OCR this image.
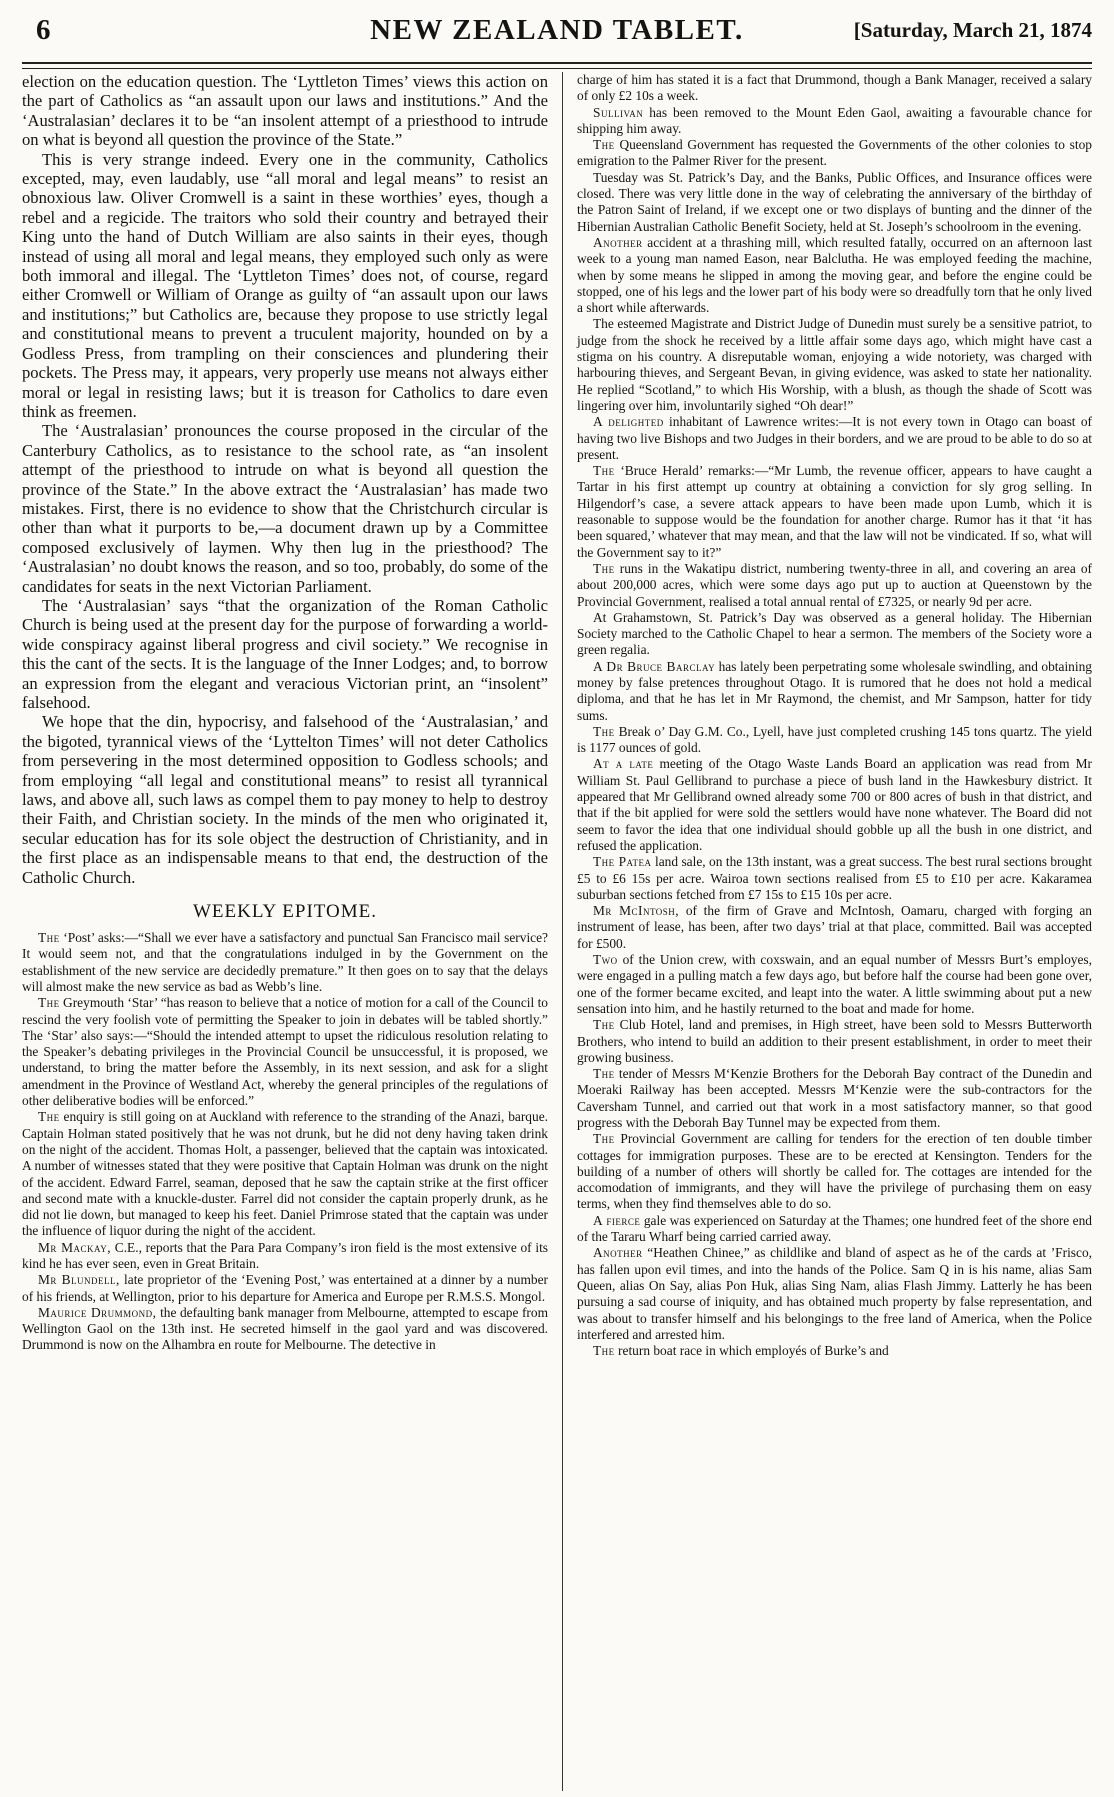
6	NEW ZEALAND TABLET.	[Saturday, March 21, 1874

election on the education question. The ‘Lyttleton Times’ views this action on the part of Catholics as “an assault upon our laws and institutions.” And the ‘Australasian’ declares it to be “an insolent attempt of a priesthood to intrude on what is beyond all question the province of the State.”

This is very strange indeed. Every one in the community, Catholics excepted, may, even laudably, use “all moral and legal means” to resist an obnoxious law. Oliver Cromwell is a saint in these worthies’ eyes, though a rebel and a regicide. The traitors who sold their country and betrayed their King unto the hand of Dutch William are also saints in their eyes, though instead of using all moral and legal means, they employed such only as were both immoral and illegal. The ‘Lyttleton Times’ does not, of course, regard either Cromwell or William of Orange as guilty of “an assault upon our laws and institutions;” but Catholics are, because they propose to use strictly legal and constitutional means to prevent a truculent majority, hounded on by a Godless Press, from trampling on their consciences and plundering their pockets. The Press may, it appears, very properly use means not always either moral or legal in resisting laws; but it is treason for Catholics to dare even think as freemen.

The ‘Australasian’ pronounces the course proposed in the circular of the Canterbury Catholics, as to resistance to the school rate, as “an insolent attempt of the priesthood to intrude on what is beyond all question the province of the State.” In the above extract the ‘Australasian’ has made two mistakes. First, there is no evidence to show that the Christchurch circular is other than what it purports to be,—a document drawn up by a Committee composed exclusively of laymen. Why then lug in the priesthood? The ‘Australasian’ no doubt knows the reason, and so too, probably, do some of the candidates for seats in the next Victorian Parliament.

The ‘Australasian’ says “that the organization of the Roman Catholic Church is being used at the present day for the purpose of forwarding a world-wide conspiracy against liberal progress and civil society.” We recognise in this the cant of the sects. It is the language of the Inner Lodges; and, to borrow an expression from the elegant and veracious Victorian print, an “insolent” falsehood.

We hope that the din, hypocrisy, and falsehood of the ‘Australasian,’ and the bigoted, tyrannical views of the ‘Lyttelton Times’ will not deter Catholics from persevering in the most determined opposition to Godless schools; and from employing “all legal and constitutional means” to resist all tyrannical laws, and above all, such laws as compel them to pay money to help to destroy their Faith, and Christian society. In the minds of the men who originated it, secular education has for its sole object the destruction of Christianity, and in the first place as an indispensable means to that end, the destruction of the Catholic Church.

WEEKLY EPITOME.

The ‘Post’ asks:—“Shall we ever have a satisfactory and punctual San Francisco mail service? It would seem not, and that the congratulations indulged in by the Government on the establishment of the new service are decidedly premature.” It then goes on to say that the delays will almost make the new service as bad as Webb’s line.

The Greymouth ‘Star’ “has reason to believe that a notice of motion for a call of the Council to rescind the very foolish vote of permitting the Speaker to join in debates will be tabled shortly.” The ‘Star’ also says:—“Should the intended attempt to upset the ridiculous resolution relating to the Speaker’s debating privileges in the Provincial Council be unsuccessful, it is proposed, we understand, to bring the matter before the Assembly, in its next session, and ask for a slight amendment in the Province of Westland Act, whereby the general principles of the regulations of other deliberative bodies will be enforced.”

The enquiry is still going on at Auckland with reference to the stranding of the Anazi, barque. Captain Holman stated positively that he was not drunk, but he did not deny having taken drink on the night of the accident. Thomas Holt, a passenger, believed that the captain was intoxicated. A number of witnesses stated that they were positive that Captain Holman was drunk on the night of the accident. Edward Farrel, seaman, deposed that he saw the captain strike at the first officer and second mate with a knuckle-duster. Farrel did not consider the captain properly drunk, as he did not lie down, but managed to keep his feet. Daniel Primrose stated that the captain was under the influence of liquor during the night of the accident.

Mr Mackay, C.E., reports that the Para Para Company’s iron field is the most extensive of its kind he has ever seen, even in Great Britain.

Mr Blundell, late proprietor of the ‘Evening Post,’ was entertained at a dinner by a number of his friends, at Wellington, prior to his departure for America and Europe per R.M.S.S. Mongol.

Maurice Drummond, the defaulting bank manager from Melbourne, attempted to escape from Wellington Gaol on the 13th inst. He secreted himself in the gaol yard and was discovered. Drummond is now on the Alhambra en route for Melbourne. The detective in

charge of him has stated it is a fact that Drummond, though a Bank Manager, received a salary of only £2 10s a week.

Sullivan has been removed to the Mount Eden Gaol, awaiting a favourable chance for shipping him away.

The Queensland Government has requested the Governments of the other colonies to stop emigration to the Palmer River for the present.

Tuesday was St. Patrick’s Day, and the Banks, Public Offices, and Insurance offices were closed. There was very little done in the way of celebrating the anniversary of the birthday of the Patron Saint of Ireland, if we except one or two displays of bunting and the dinner of the Hibernian Australian Catholic Benefit Society, held at St. Joseph’s schoolroom in the evening.

Another accident at a thrashing mill, which resulted fatally, occurred on an afternoon last week to a young man named Eason, near Balclutha. He was employed feeding the machine, when by some means he slipped in among the moving gear, and before the engine could be stopped, one of his legs and the lower part of his body were so dreadfully torn that he only lived a short while afterwards.

The esteemed Magistrate and District Judge of Dunedin must surely be a sensitive patriot, to judge from the shock he received by a little affair some days ago, which might have cast a stigma on his country. A disreputable woman, enjoying a wide notoriety, was charged with harbouring thieves, and Sergeant Bevan, in giving evidence, was asked to state her nationality. He replied “Scotland,” to which His Worship, with a blush, as though the shade of Scott was lingering over him, involuntarily sighed “Oh dear!”

A delighted inhabitant of Lawrence writes:—It is not every town in Otago can boast of having two live Bishops and two Judges in their borders, and we are proud to be able to do so at present.

The ‘Bruce Herald’ remarks:—“Mr Lumb, the revenue officer, appears to have caught a Tartar in his first attempt up country at obtaining a conviction for sly grog selling. In Hilgendorf’s case, a severe attack appears to have been made upon Lumb, which it is reasonable to suppose would be the foundation for another charge. Rumor has it that ‘it has been squared,’ whatever that may mean, and that the law will not be vindicated. If so, what will the Government say to it?”

The runs in the Wakatipu district, numbering twenty-three in all, and covering an area of about 200,000 acres, which were some days ago put up to auction at Queenstown by the Provincial Government, realised a total annual rental of £7325, or nearly 9d per acre.

At Grahamstown, St. Patrick’s Day was observed as a general holiday. The Hibernian Society marched to the Catholic Chapel to hear a sermon. The members of the Society wore a green regalia.

A Dr Bruce Barclay has lately been perpetrating some wholesale swindling, and obtaining money by false pretences throughout Otago. It is rumored that he does not hold a medical diploma, and that he has let in Mr Raymond, the chemist, and Mr Sampson, hatter for tidy sums.

The Break o’ Day G.M. Co., Lyell, have just completed crushing 145 tons quartz. The yield is 1177 ounces of gold.

At a late meeting of the Otago Waste Lands Board an application was read from Mr William St. Paul Gellibrand to purchase a piece of bush land in the Hawkesbury district. It appeared that Mr Gellibrand owned already some 700 or 800 acres of bush in that district, and that if the bit applied for were sold the settlers would have none whatever. The Board did not seem to favor the idea that one individual should gobble up all the bush in one district, and refused the application.

The Patea land sale, on the 13th instant, was a great success. The best rural sections brought £5 to £6 15s per acre. Wairoa town sections realised from £5 to £10 per acre. Kakaramea suburban sections fetched from £7 15s to £15 10s per acre.

Mr McIntosh, of the firm of Grave and McIntosh, Oamaru, charged with forging an instrument of lease, has been, after two days’ trial at that place, committed. Bail was accepted for £500.

Two of the Union crew, with coxswain, and an equal number of Messrs Burt’s employes, were engaged in a pulling match a few days ago, but before half the course had been gone over, one of the former became excited, and leapt into the water. A little swimming about put a new sensation into him, and he hastily returned to the boat and made for home.

The Club Hotel, land and premises, in High street, have been sold to Messrs Butterworth Brothers, who intend to build an addition to their present establishment, in order to meet their growing business.

The tender of Messrs M‘Kenzie Brothers for the Deborah Bay contract of the Dunedin and Moeraki Railway has been accepted. Messrs M‘Kenzie were the sub-contractors for the Caversham Tunnel, and carried out that work in a most satisfactory manner, so that good progress with the Deborah Bay Tunnel may be expected from them.

The Provincial Government are calling for tenders for the erection of ten double timber cottages for immigration purposes. These are to be erected at Kensington. Tenders for the building of a number of others will shortly be called for. The cottages are intended for the accomodation of immigrants, and they will have the privilege of purchasing them on easy terms, when they find themselves able to do so.

A fierce gale was experienced on Saturday at the Thames; one hundred feet of the shore end of the Tararu Wharf being carried carried away.

Another “Heathen Chinee,” as childlike and bland of aspect as he of the cards at ’Frisco, has fallen upon evil times, and into the hands of the Police. Sam Q in is his name, alias Sam Queen, alias On Say, alias Pon Huk, alias Sing Nam, alias Flash Jimmy. Latterly he has been pursuing a sad course of iniquity, and has obtained much property by false representation, and was about to transfer himself and his belongings to the free land of America, when the Police interfered and arrested him.

The return boat race in which employés of Burke’s and
